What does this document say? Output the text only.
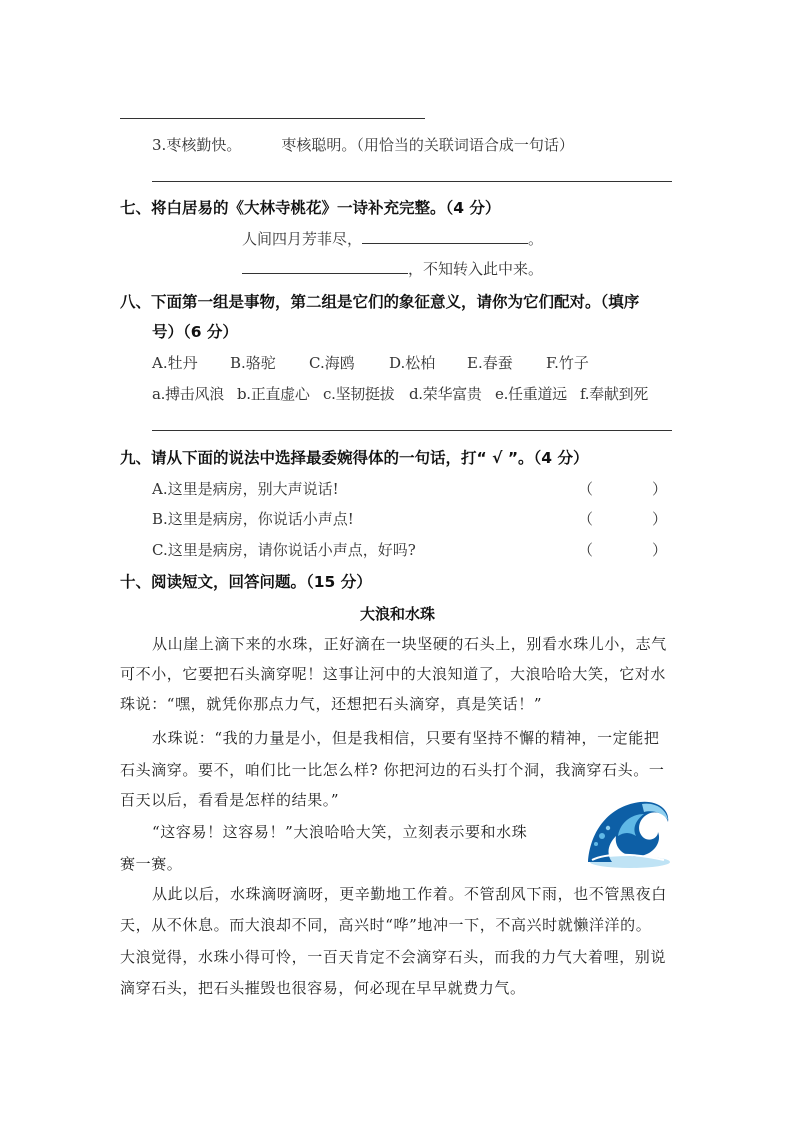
3.枣核勤快。	枣核聪明。（用恰当的关联词语合成一句话）
七、将白居易的《大林寺桃花》一诗补充完整。（4 分）
人间四月芳菲尽，	。
，不知转入此中来。
八、下面第一组是事物，第二组是它们的象征意义，请你为它们配对。（填序
号）（6 分）
A.牡丹 B.骆驼 C.海鸥 D.松柏 E.春蚕 F.竹子
a.搏击风浪 b.正直虚心 c.坚韧挺拔 d.荣华富贵 e.任重道远 f.奉献到死
九、请从下面的说法中选择最委婉得体的一句话，打“ √ ”。（4 分）
A.这里是病房，别大声说话!	（	）
B.这里是病房，你说话小声点!	（	）
C.这里是病房，请你说话小声点，好吗?	（	）
十、阅读短文，回答问题。（15 分）
大浪和水珠
从山崖上滴下来的水珠，正好滴在一块坚硬的石头上，别看水珠儿小，志气
可不小，它要把石头滴穿呢！这事让河中的大浪知道了，大浪哈哈大笑，它对水
珠说：“嘿，就凭你那点力气，还想把石头滴穿，真是笑话！”
水珠说：“我的力量是小，但是我相信，只要有坚持不懈的精神，一定能把
石头滴穿。要不，咱们比一比怎么样? 你把河边的石头打个洞，我滴穿石头。一
百天以后，看看是怎样的结果。”
“这容易！这容易！”大浪哈哈大笑，立刻表示要和水珠
赛一赛。
从此以后，水珠滴呀滴呀，更辛勤地工作着。不管刮风下雨，也不管黑夜白
天，从不休息。而大浪却不同，高兴时“哗”地冲一下，不高兴时就懒洋洋的。
大浪觉得，水珠小得可怜，一百天肯定不会滴穿石头，而我的力气大着哩，别说
滴穿石头，把石头摧毁也很容易，何必现在早早就费力气。
